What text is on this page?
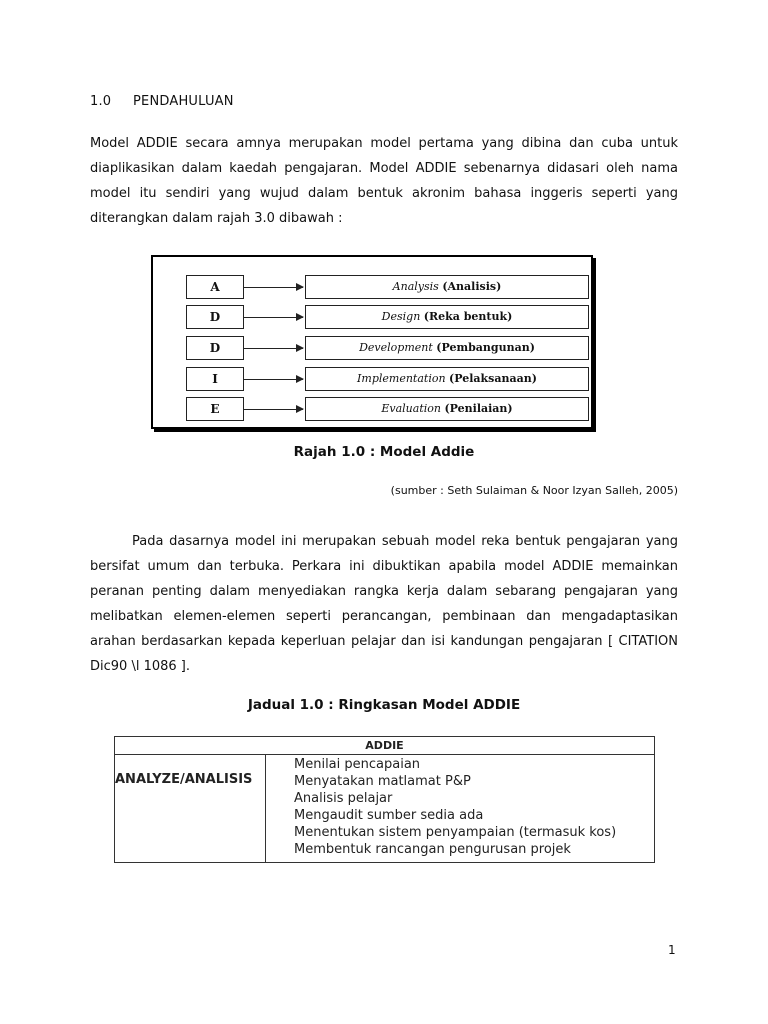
1.0 PENDAHULUAN

Model ADDIE secara amnya merupakan model pertama yang dibina dan cuba untuk diaplikasikan dalam kaedah pengajaran. Model ADDIE sebenarnya didasari oleh nama model itu sendiri yang wujud dalam bentuk akronim bahasa inggeris seperti yang diterangkan dalam rajah 3.0 dibawah :

A	Analysis (Analisis)
D	Design (Reka bentuk)
D	Development (Pembangunan)
I	Implementation (Pelaksanaan)
E	Evaluation (Penilaian)
Rajah 1.0 : Model Addie
(sumber : Seth Sulaiman & Noor Izyan Salleh, 2005)

Pada dasarnya model ini merupakan sebuah model reka bentuk pengajaran yang bersifat umum dan terbuka. Perkara ini dibuktikan apabila model ADDIE memainkan peranan penting dalam menyediakan rangka kerja dalam sebarang pengajaran yang melibatkan elemen-elemen seperti perancangan, pembinaan dan mengadaptasikan arahan berdasarkan kepada keperluan pelajar dan isi kandungan pengajaran [ CITATION Dic90 \l 1086 ].

Jadual 1.0 : Ringkasan Model ADDIE
ADDIE

ANALYZE/ANALISIS

Menilai pencapaian
Menyatakan matlamat P&P
Analisis pelajar
Mengaudit sumber sedia ada
Menentukan sistem penyampaian (termasuk kos)
Membentuk rancangan pengurusan projek
1
